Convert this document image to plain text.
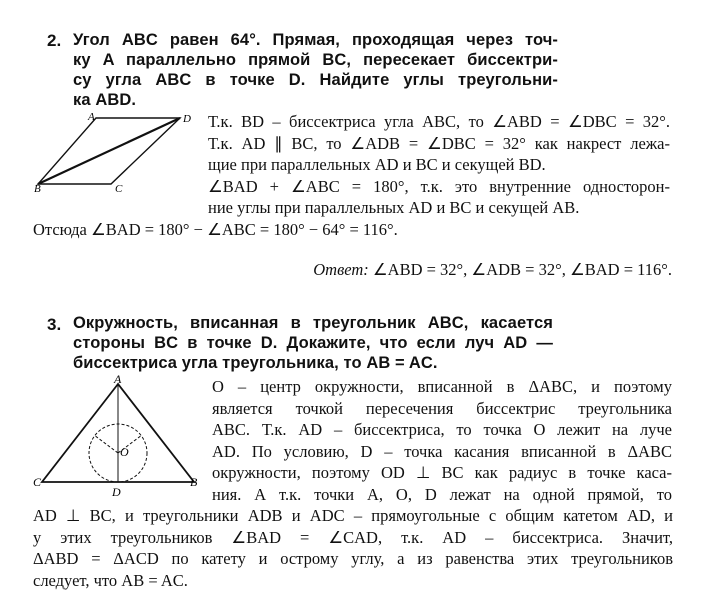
2. Угол ABC равен 64°. Прямая, проходящая через точ-
ку A параллельно прямой BC, пересекает биссектри-
су угла ABC в точке D. Найдите углы треугольни-
ка ABD.
A	D
B	C
Т.к. BD – биссектриса угла ABC, то ∠ABD = ∠DBC = 32°.
Т.к. AD ∥ BC, то ∠ADB = ∠DBC = 32° как накрест лежа-
щие при параллельных AD и BC и секущей BD.
∠BAD + ∠ABC = 180°, т.к. это внутренние односторон-
ние углы при параллельных AD и BC и секущей AB.
Отсюда ∠BAD = 180° − ∠ABC = 180° − 64° = 116°.
Ответ: ∠ABD = 32°, ∠ADB = 32°, ∠BAD = 116°.
3. Окружность, вписанная в треугольник ABC, касается
стороны BC в точке D. Докажите, что если луч AD —
биссектриса угла треугольника, то AB = AC.
A
O
C	B
D
O – центр окружности, вписанной в ΔABC, и поэтому
является точкой пересечения биссектрис треугольника
ABC. Т.к. AD – биссектриса, то точка O лежит на луче
AD. По условию, D – точка касания вписанной в ΔABC
окружности, поэтому OD ⊥ BC как радиус в точке каса-
ния. А т.к. точки A, O, D лежат на одной прямой, то
AD ⊥ BC, и треугольники ADB и ADC – прямоугольные с общим катетом AD, и
у этих треугольников ∠BAD = ∠CAD, т.к. AD – биссектриса. Значит,
ΔABD = ΔACD по катету и острому углу, а из равенства этих треугольников
следует, что AB = AC.
